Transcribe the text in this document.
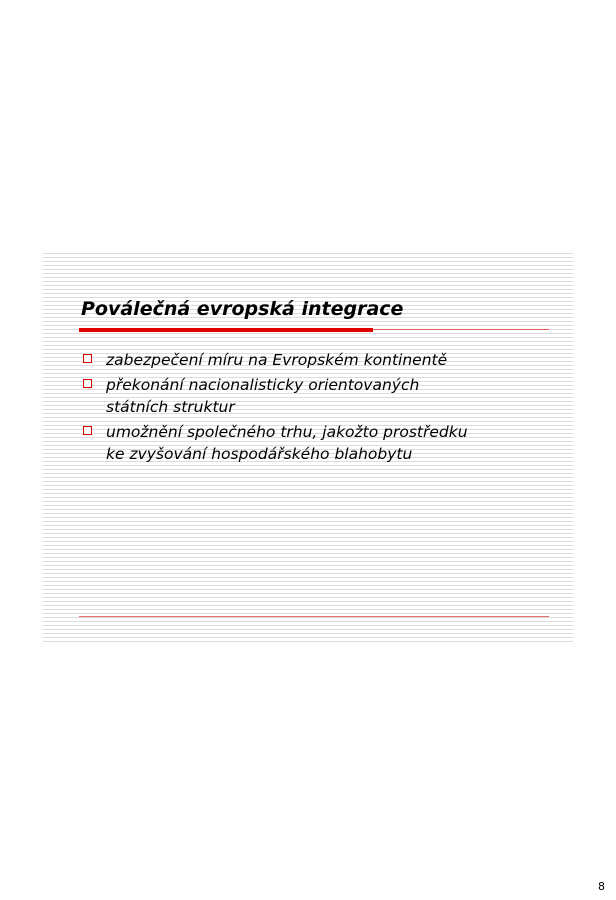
Poválečná evropská integrace
zabezpečení míru na Evropském kontinentě
překonání nacionalisticky orientovaných
státních struktur
umožnění společného trhu, jakožto prostředku
ke zvyšování hospodářského blahobytu
8
